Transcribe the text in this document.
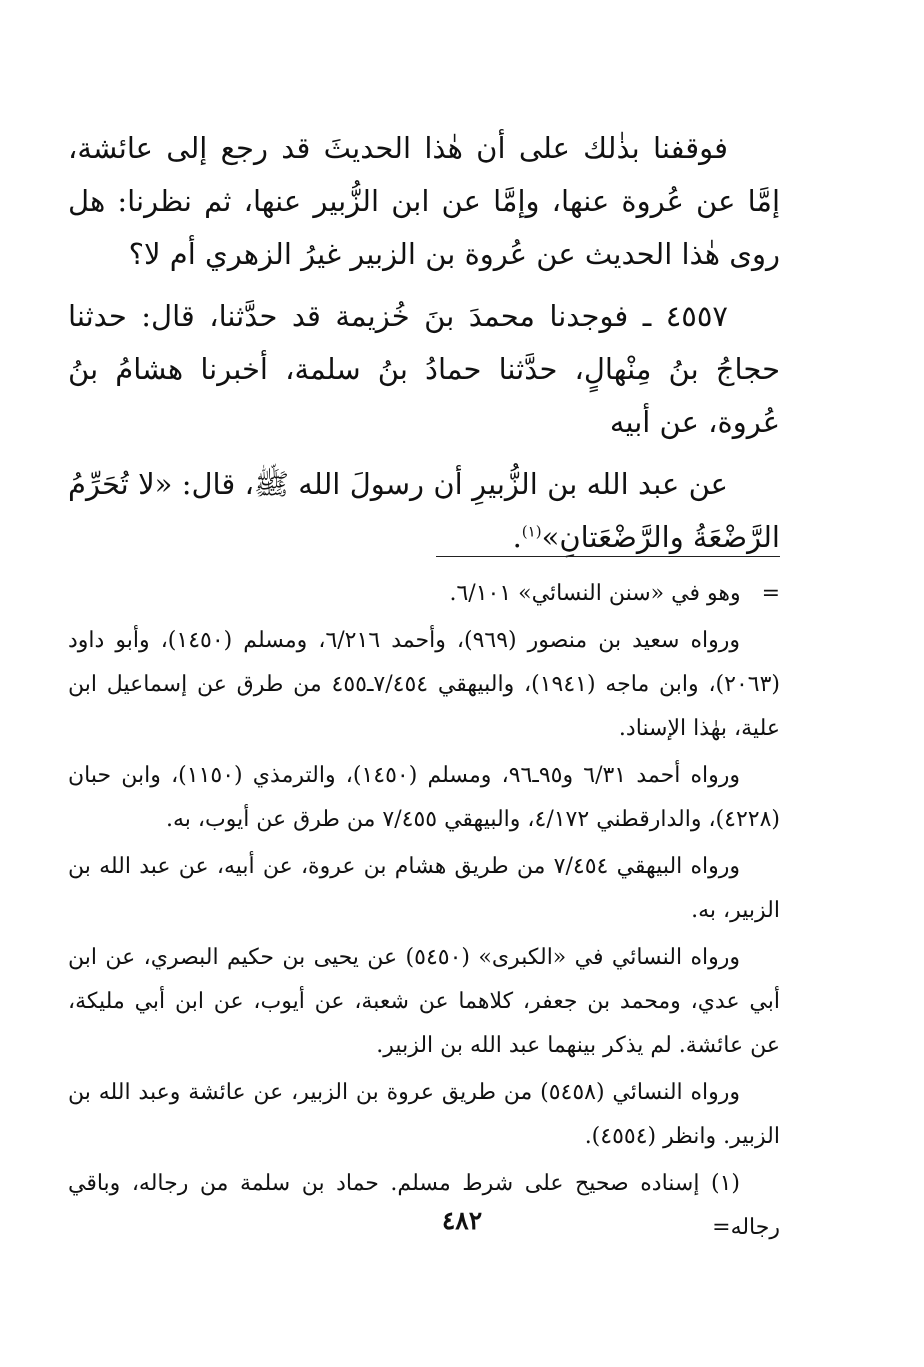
فوقفنا بذٰلك على أن هٰذا الحديثَ قد رجع إلى عائشة، إمَّا عن عُروة عنها، وإمَّا عن ابن الزُّبير عنها، ثم نظرنا: هل روى هٰذا الحديث عن عُروة بن الزبير غيرُ الزهري أم لا؟

٤٥٥٧ ـ فوجدنا محمدَ بنَ خُزيمة قد حدَّثنا، قال: حدثنا حجاجُ بنُ مِنْهالٍ، حدَّثنا حمادُ بنُ سلمة، أخبرنا هشامُ بنُ عُروة، عن أبيه

عن عبد الله بن الزُّبيرِ أن رسولَ الله ﷺ، قال: «لا تُحَرِّمُ الرَّضْعَةُ والرَّضْعَتانِ»$^{(١)}$.

=   وهو في «سنن النسائي» ٦/١٠١.

ورواه سعيد بن منصور (٩٦٩)، وأحمد ٦/٢١٦، ومسلم (١٤٥٠)، وأبو داود (٢٠٦٣)، وابن ماجه (١٩٤١)، والبيهقي ٧/٤٥٤ـ٤٥٥ من طرق عن إسماعيل ابن علية، بهٰذا الإسناد.

ورواه أحمد ٦/٣١ و٩٥ـ٩٦، ومسلم (١٤٥٠)، والترمذي (١١٥٠)، وابن حبان (٤٢٢٨)، والدارقطني ٤/١٧٢، والبيهقي ٧/٤٥٥ من طرق عن أيوب، به.

ورواه البيهقي ٧/٤٥٤ من طريق هشام بن عروة، عن أبيه، عن عبد الله بن الزبير، به.

ورواه النسائي في «الكبرى» (٥٤٥٠) عن يحيى بن حكيم البصري، عن ابن أبي عدي، ومحمد بن جعفر، كلاهما عن شعبة، عن أيوب، عن ابن أبي مليكة، عن عائشة. لم يذكر بينهما عبد الله بن الزبير.

ورواه النسائي (٥٤٥٨) من طريق عروة بن الزبير، عن عائشة وعبد الله بن الزبير. وانظر (٤٥٥٤).

(١) إسناده صحيح على شرط مسلم. حماد بن سلمة من رجاله، وباقي رجاله=

٤٨٢
